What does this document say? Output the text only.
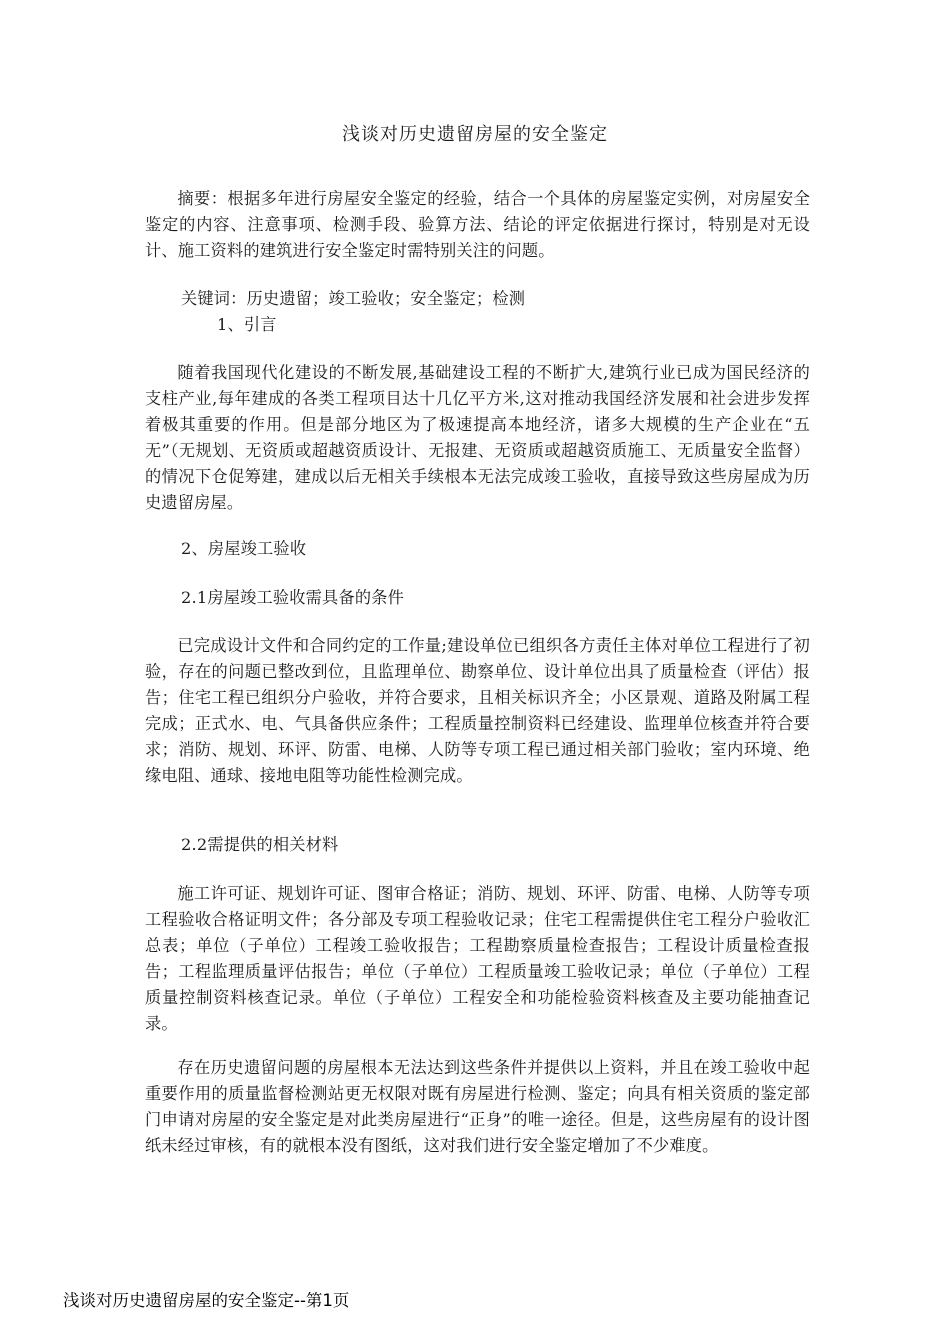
浅谈对历史遗留房屋的安全鉴定

摘要：根据多年进行房屋安全鉴定的经验，结合一个具体的房屋鉴定实例，对房屋安全鉴定的内容、注意事项、检测手段、验算方法、结论的评定依据进行探讨，特别是对无设计、施工资料的建筑进行安全鉴定时需特别关注的问题。

关键词：历史遗留；竣工验收；安全鉴定；检测

1、引言

随着我国现代化建设的不断发展,基础建设工程的不断扩大,建筑行业已成为国民经济的支柱产业,每年建成的各类工程项目达十几亿平方米,这对推动我国经济发展和社会进步发挥着极其重要的作用。但是部分地区为了极速提高本地经济，诸多大规模的生产企业在“五无”（无规划、无资质或超越资质设计、无报建、无资质或超越资质施工、无质量安全监督）的情况下仓促筹建，建成以后无相关手续根本无法完成竣工验收，直接导致这些房屋成为历史遗留房屋。

2、房屋竣工验收

2.1房屋竣工验收需具备的条件

已完成设计文件和合同约定的工作量;建设单位已组织各方责任主体对单位工程进行了初验，存在的问题已整改到位，且监理单位、勘察单位、设计单位出具了质量检查（评估）报告；住宅工程已组织分户验收，并符合要求，且相关标识齐全；小区景观、道路及附属工程完成；正式水、电、气具备供应条件；工程质量控制资料已经建设、监理单位核查并符合要求；消防、规划、环评、防雷、电梯、人防等专项工程已通过相关部门验收；室内环境、绝缘电阻、通球、接地电阻等功能性检测完成。

2.2需提供的相关材料

施工许可证、规划许可证、图审合格证；消防、规划、环评、防雷、电梯、人防等专项工程验收合格证明文件；各分部及专项工程验收记录；住宅工程需提供住宅工程分户验收汇总表；单位（子单位）工程竣工验收报告；工程勘察质量检查报告；工程设计质量检查报告；工程监理质量评估报告；单位（子单位）工程质量竣工验收记录；单位（子单位）工程质量控制资料核查记录。单位（子单位）工程安全和功能检验资料核查及主要功能抽查记录。

存在历史遗留问题的房屋根本无法达到这些条件并提供以上资料，并且在竣工验收中起重要作用的质量监督检测站更无权限对既有房屋进行检测、鉴定；向具有相关资质的鉴定部门申请对房屋的安全鉴定是对此类房屋进行“正身”的唯一途径。但是，这些房屋有的设计图纸未经过审核，有的就根本没有图纸，这对我们进行安全鉴定增加了不少难度。

浅谈对历史遗留房屋的安全鉴定--第1页
